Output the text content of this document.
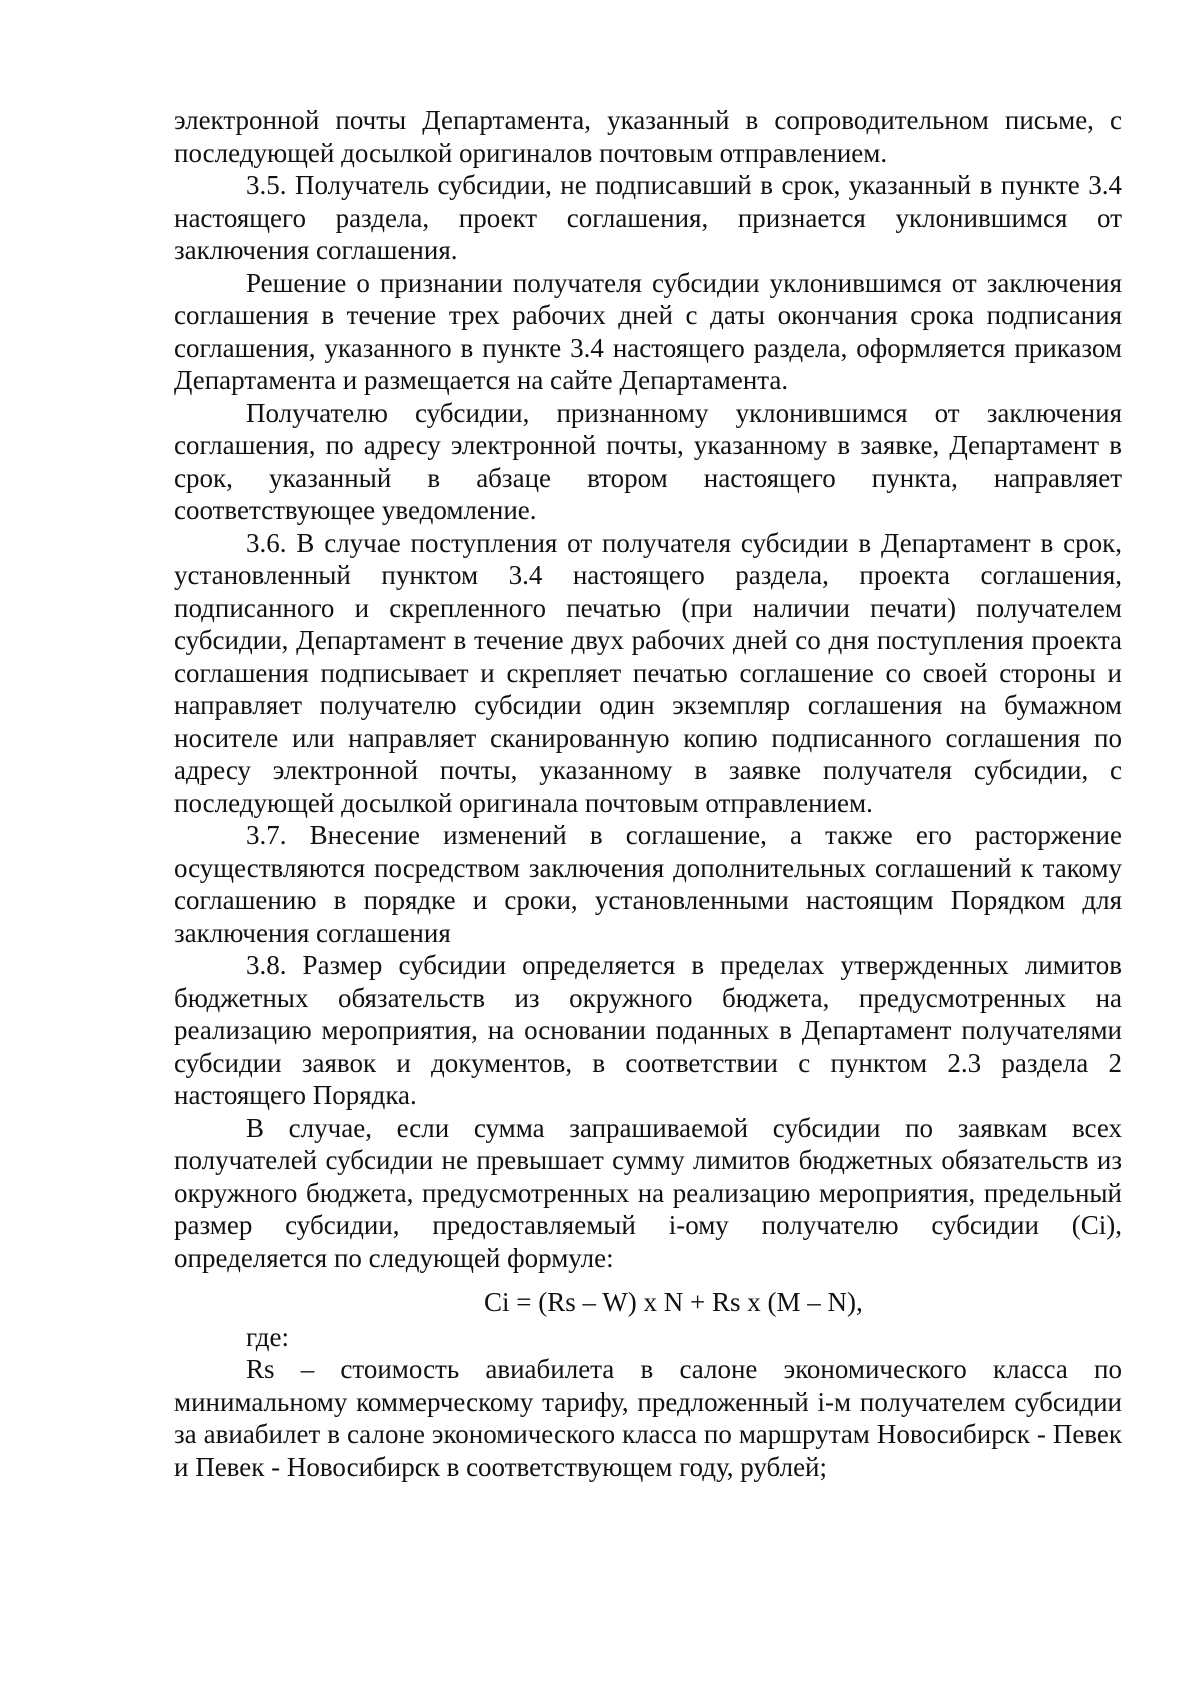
электронной почты Департамента, указанный в сопроводительном письме, с последующей досылкой оригиналов почтовым отправлением.

3.5. Получатель субсидии, не подписавший в срок, указанный в пункте 3.4 настоящего раздела, проект соглашения, признается уклонившимся от заключения соглашения.

Решение о признании получателя субсидии уклонившимся от заключения соглашения в течение трех рабочих дней с даты окончания срока подписания соглашения, указанного в пункте 3.4 настоящего раздела, оформляется приказом Департамента и размещается на сайте Департамента.

Получателю субсидии, признанному уклонившимся от заключения соглашения, по адресу электронной почты, указанному в заявке, Департамент в срок, указанный в абзаце втором настоящего пункта, направляет соответствующее уведомление.

3.6. В случае поступления от получателя субсидии в Департамент в срок, установленный пунктом 3.4 настоящего раздела, проекта соглашения, подписанного и скрепленного печатью (при наличии печати) получателем субсидии, Департамент в течение двух рабочих дней со дня поступления проекта соглашения подписывает и скрепляет печатью соглашение со своей стороны и направляет получателю субсидии один экземпляр соглашения на бумажном носителе или направляет сканированную копию подписанного соглашения по адресу электронной почты, указанному в заявке получателя субсидии, с последующей досылкой оригинала почтовым отправлением.

3.7. Внесение изменений в соглашение, а также его расторжение осуществляются посредством заключения дополнительных соглашений к такому соглашению в порядке и сроки, установленными настоящим Порядком для заключения соглашения

3.8. Размер субсидии определяется в пределах утвержденных лимитов бюджетных обязательств из окружного бюджета, предусмотренных на реализацию мероприятия, на основании поданных в Департамент получателями субсидии заявок и документов, в соответствии с пунктом 2.3 раздела 2 настоящего Порядка.

В случае, если сумма запрашиваемой субсидии по заявкам всех получателей субсидии не превышает сумму лимитов бюджетных обязательств из окружного бюджета, предусмотренных на реализацию мероприятия, предельный размер субсидии, предоставляемый i-ому получателю субсидии (Ci), определяется по следующей формуле:

Ci = (Rs – W) x N + Rs x (M – N),

где:

Rs – стоимость авиабилета в салоне экономического класса по минимальному коммерческому тарифу, предложенный i-м получателем субсидии за авиабилет в салоне экономического класса по маршрутам Новосибирск - Певек и Певек - Новосибирск в соответствующем году, рублей;
